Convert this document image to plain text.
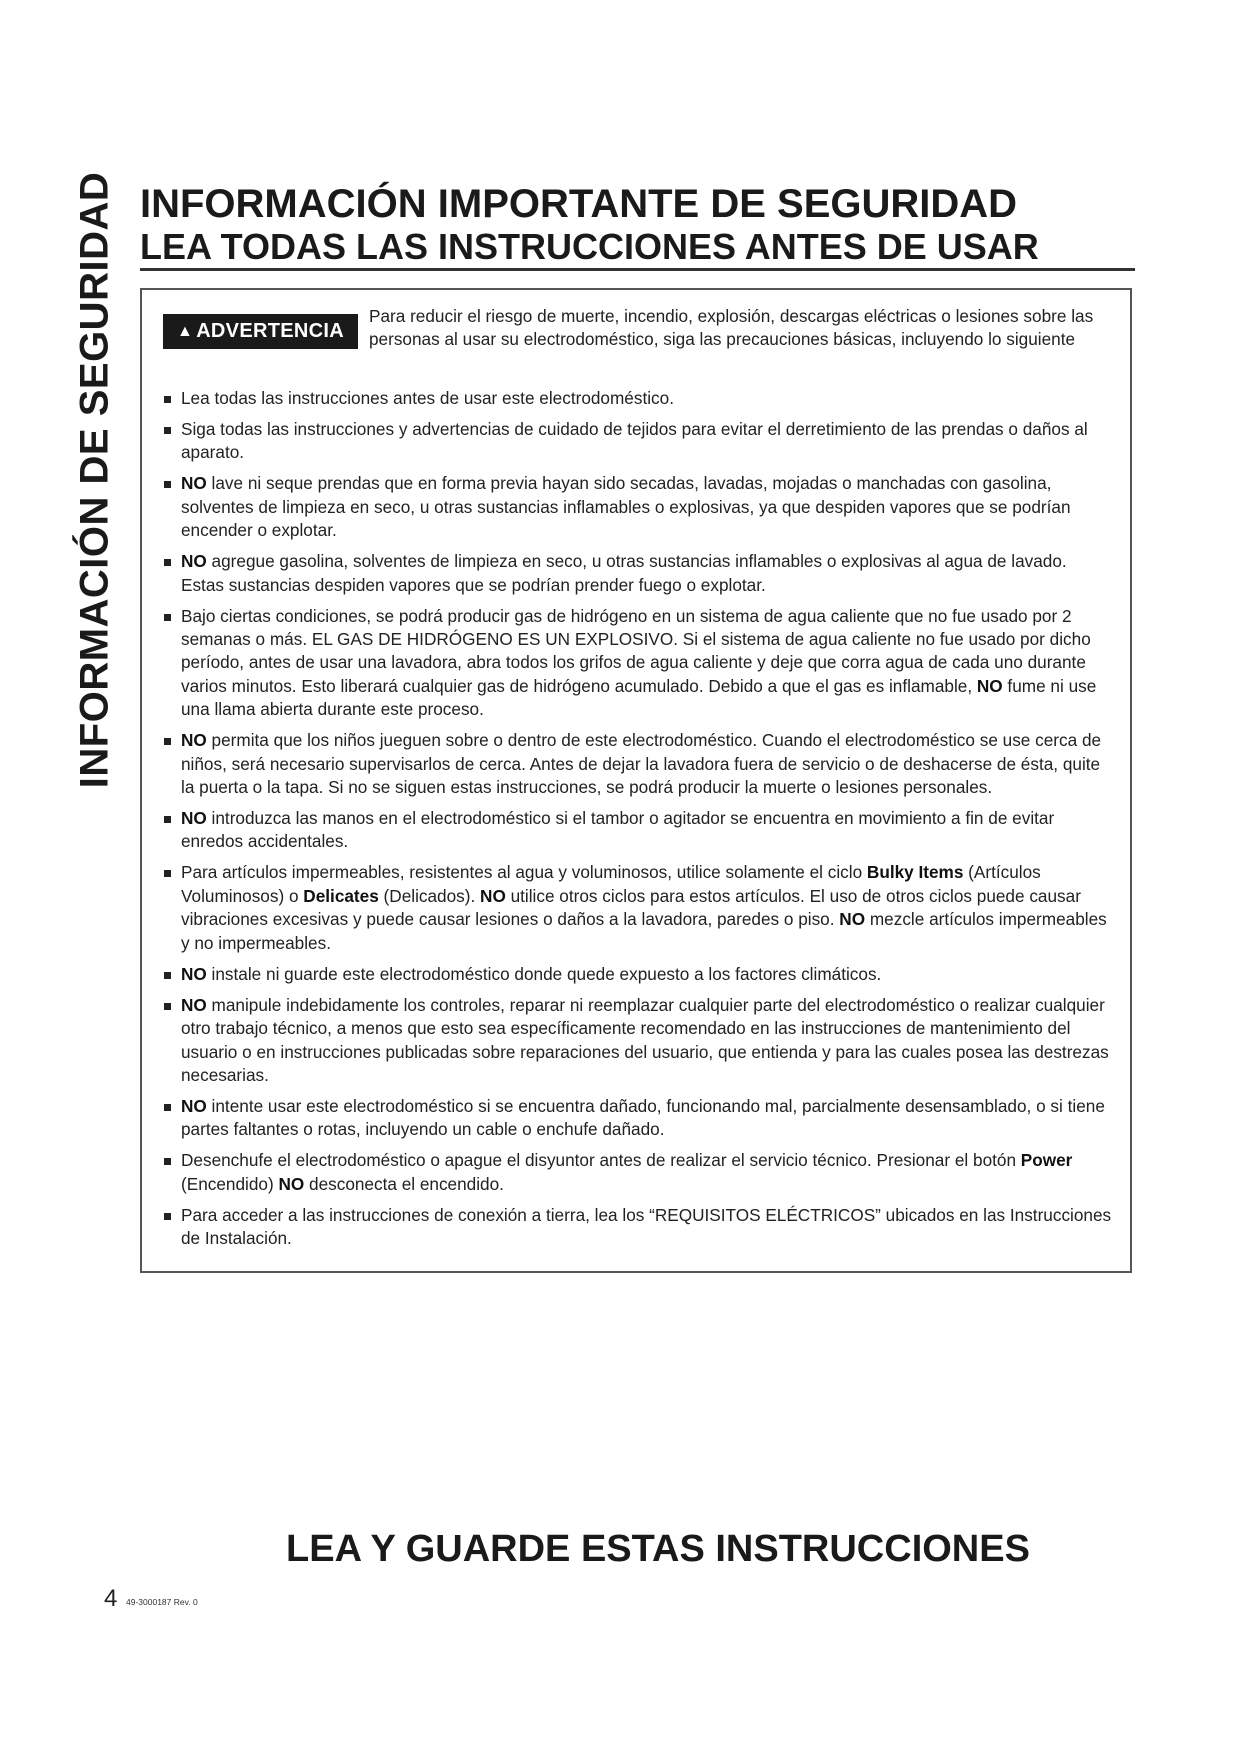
INFORMACIÓN DE SEGURIDAD INFORMACIÓN IMPORTANTE DE SEGURIDAD
LEA TODAS LAS INSTRUCCIONES ANTES DE USAR
▲ ADVERTENCIA
Para reducir el riesgo de muerte, incendio, explosión, descargas eléctricas o lesiones sobre las personas al usar su electrodoméstico, siga las precauciones básicas, incluyendo lo siguiente
Lea todas las instrucciones antes de usar este electrodoméstico.
Siga todas las instrucciones y advertencias de cuidado de tejidos para evitar el derretimiento de las prendas o daños al aparato.
NO lave ni seque prendas que en forma previa hayan sido secadas, lavadas, mojadas o manchadas con gasolina, solventes de limpieza en seco, u otras sustancias inflamables o explosivas, ya que despiden vapores que se podrían encender o explotar.
NO agregue gasolina, solventes de limpieza en seco, u otras sustancias inflamables o explosivas al agua de lavado. Estas sustancias despiden vapores que se podrían prender fuego o explotar.
Bajo ciertas condiciones, se podrá producir gas de hidrógeno en un sistema de agua caliente que no fue usado por 2 semanas o más. EL GAS DE HIDRÓGENO ES UN EXPLOSIVO. Si el sistema de agua caliente no fue usado por dicho período, antes de usar una lavadora, abra todos los grifos de agua caliente y deje que corra agua de cada uno durante varios minutos. Esto liberará cualquier gas de hidrógeno acumulado. Debido a que el gas es inflamable, NO fume ni use una llama abierta durante este proceso.
NO permita que los niños jueguen sobre o dentro de este electrodoméstico. Cuando el electrodoméstico se use cerca de niños, será necesario supervisarlos de cerca. Antes de dejar la lavadora fuera de servicio o de deshacerse de ésta, quite la puerta o la tapa. Si no se siguen estas instrucciones, se podrá producir la muerte o lesiones personales.
NO introduzca las manos en el electrodoméstico si el tambor o agitador se encuentra en movimiento a fin de evitar enredos accidentales.
Para artículos impermeables, resistentes al agua y voluminosos, utilice solamente el ciclo Bulky Items (Artículos Voluminosos) o Delicates (Delicados). NO utilice otros ciclos para estos artículos. El uso de otros ciclos puede causar vibraciones excesivas y puede causar lesiones o daños a la lavadora, paredes o piso. NO mezcle artículos impermeables y no impermeables.
NO instale ni guarde este electrodoméstico donde quede expuesto a los factores climáticos.
NO manipule indebidamente los controles, reparar ni reemplazar cualquier parte del electrodoméstico o realizar cualquier otro trabajo técnico, a menos que esto sea específicamente recomendado en las instrucciones de mantenimiento del usuario o en instrucciones publicadas sobre reparaciones del usuario, que entienda y para las cuales posea las destrezas necesarias.
NO intente usar este electrodoméstico si se encuentra dañado, funcionando mal, parcialmente desensamblado, o si tiene partes faltantes o rotas, incluyendo un cable o enchufe dañado.
Desenchufe el electrodoméstico o apague el disyuntor antes de realizar el servicio técnico. Presionar el botón Power (Encendido) NO desconecta el encendido.
Para acceder a las instrucciones de conexión a tierra, lea los “REQUISITOS ELÉCTRICOS” ubicados en las Instrucciones de Instalación.
LEA Y GUARDE ESTAS INSTRUCCIONES
4 49-3000187 Rev. 0
